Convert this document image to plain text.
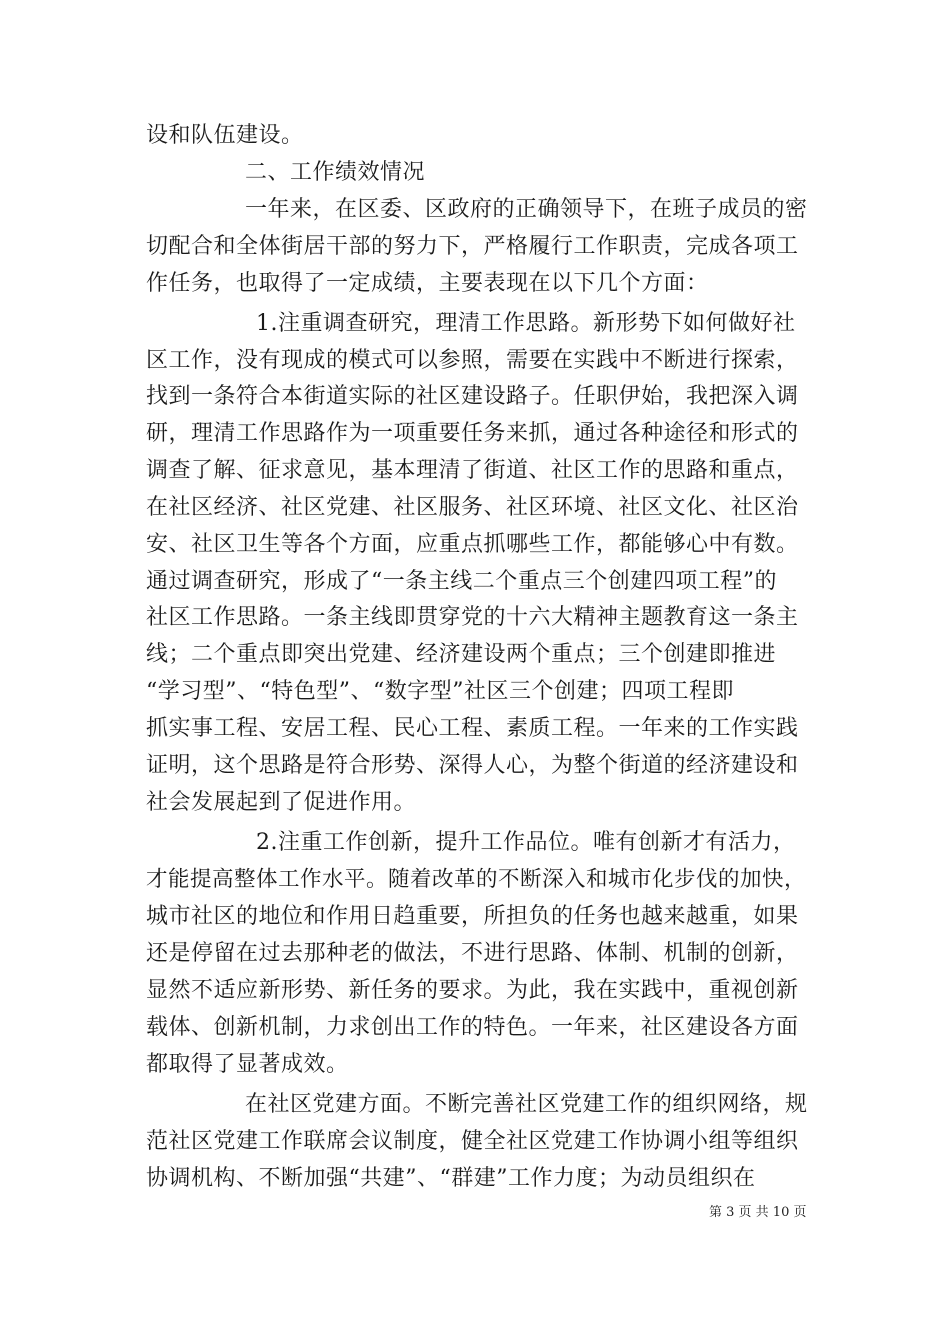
设和队伍建设。
二、工作绩效情况
一年来，在区委、区政府的正确领导下，在班子成员的密
切配合和全体街居干部的努力下，严格履行工作职责，完成各项工
作任务，也取得了一定成绩，主要表现在以下几个方面：
1.注重调查研究，理清工作思路。新形势下如何做好社
区工作，没有现成的模式可以参照，需要在实践中不断进行探索，
找到一条符合本街道实际的社区建设路子。任职伊始，我把深入调
研，理清工作思路作为一项重要任务来抓，通过各种途径和形式的
调查了解、征求意见，基本理清了街道、社区工作的思路和重点，
在社区经济、社区党建、社区服务、社区环境、社区文化、社区治
安、社区卫生等各个方面，应重点抓哪些工作，都能够心中有数。
通过调查研究，形成了“一条主线二个重点三个创建四项工程”的
社区工作思路。一条主线即贯穿党的十六大精神主题教育这一条主
线；二个重点即突出党建、经济建设两个重点；三个创建即推进
“学习型”、“特色型”、“数字型”社区三个创建；四项工程即
抓实事工程、安居工程、民心工程、素质工程。一年来的工作实践
证明，这个思路是符合形势、深得人心，为整个街道的经济建设和
社会发展起到了促进作用。
2.注重工作创新，提升工作品位。唯有创新才有活力，
才能提高整体工作水平。随着改革的不断深入和城市化步伐的加快，
城市社区的地位和作用日趋重要，所担负的任务也越来越重，如果
还是停留在过去那种老的做法，不进行思路、体制、机制的创新，
显然不适应新形势、新任务的要求。为此，我在实践中，重视创新
载体、创新机制，力求创出工作的特色。一年来，社区建设各方面
都取得了显著成效。
在社区党建方面。不断完善社区党建工作的组织网络，规
范社区党建工作联席会议制度，健全社区党建工作协调小组等组织
协调机构、不断加强“共建”、“群建”工作力度；为动员组织在
第 3 页 共 10 页
